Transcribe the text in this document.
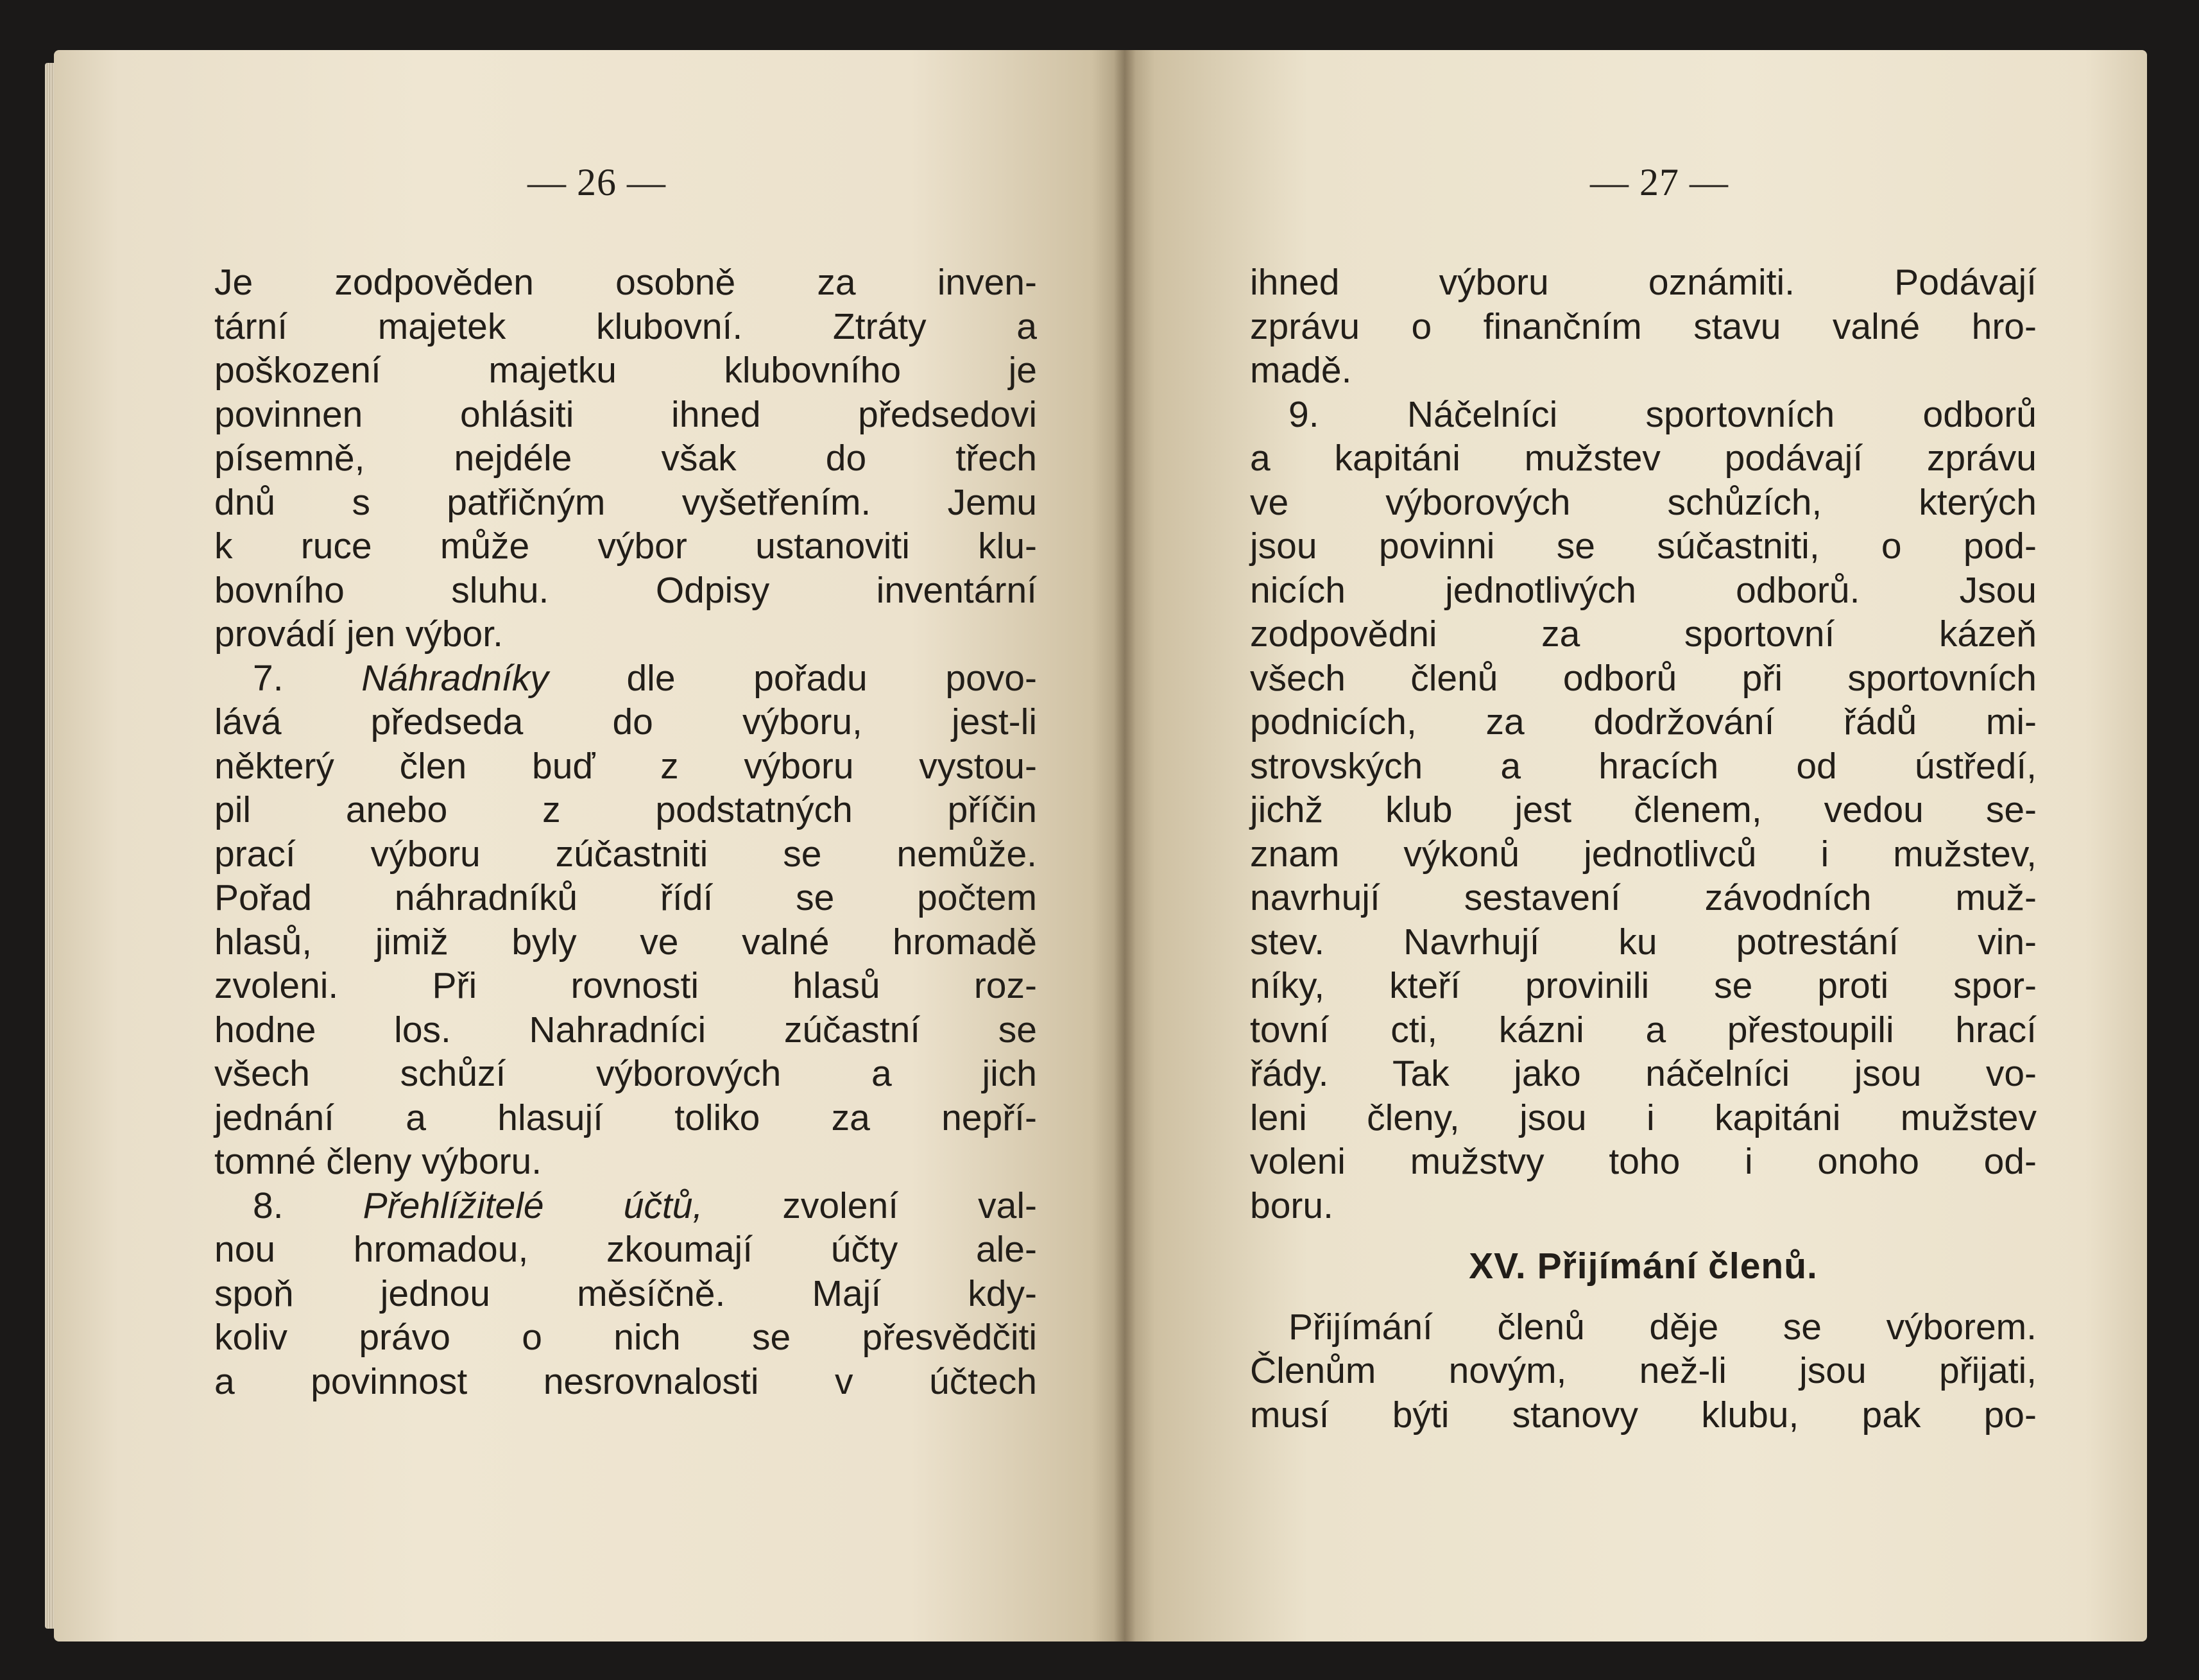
— 26 —
Je zodpověden osobně za inven-
tární majetek klubovní. Ztráty a
poškození majetku klubovního je
povinnen ohlásiti ihned předsedovi
písemně, nejdéle však do třech
dnů s patřičným vyšetřením. Jemu
k ruce může výbor ustanoviti klu-
bovního sluhu. Odpisy inventární
provádí jen výbor.
7. Náhradníky dle pořadu povo-
lává předseda do výboru, jest-li
některý člen buď z výboru vystou-
pil anebo z podstatných příčin
prací výboru zúčastniti se nemůže.
Pořad náhradníků řídí se počtem
hlasů, jimiž byly ve valné hromadě
zvoleni. Při rovnosti hlasů roz-
hodne los. Nahradníci zúčastní se
všech schůzí výborových a jich
jednání a hlasují toliko za nepří-
tomné členy výboru.
8. Přehlížitelé účtů, zvolení val-
nou hromadou, zkoumají účty ale-
spoň jednou měsíčně. Mají kdy-
koliv právo o nich se přesvědčiti
a povinnost nesrovnalosti v účtech
— 27 —
ihned výboru oznámiti. Podávají
zprávu o finančním stavu valné hro-
madě.
9. Náčelníci sportovních odborů
a kapitáni mužstev podávají zprávu
ve výborových schůzích, kterých
jsou povinni se súčastniti, o pod-
nicích jednotlivých odborů. Jsou
zodpovědni za sportovní kázeň
všech členů odborů při sportovních
podnicích, za dodržování řádů mi-
strovských a hracích od ústředí,
jichž klub jest členem, vedou se-
znam výkonů jednotlivců i mužstev,
navrhují sestavení závodních muž-
stev. Navrhují ku potrestání vin-
níky, kteří provinili se proti spor-
tovní cti, kázni a přestoupili hrací
řády. Tak jako náčelníci jsou vo-
leni členy, jsou i kapitáni mužstev
voleni mužstvy toho i onoho od-
boru.
XV. Přijímání členů.
Přijímání členů děje se výborem.
Členům novým, než-li jsou přijati,
musí býti stanovy klubu, pak po-
